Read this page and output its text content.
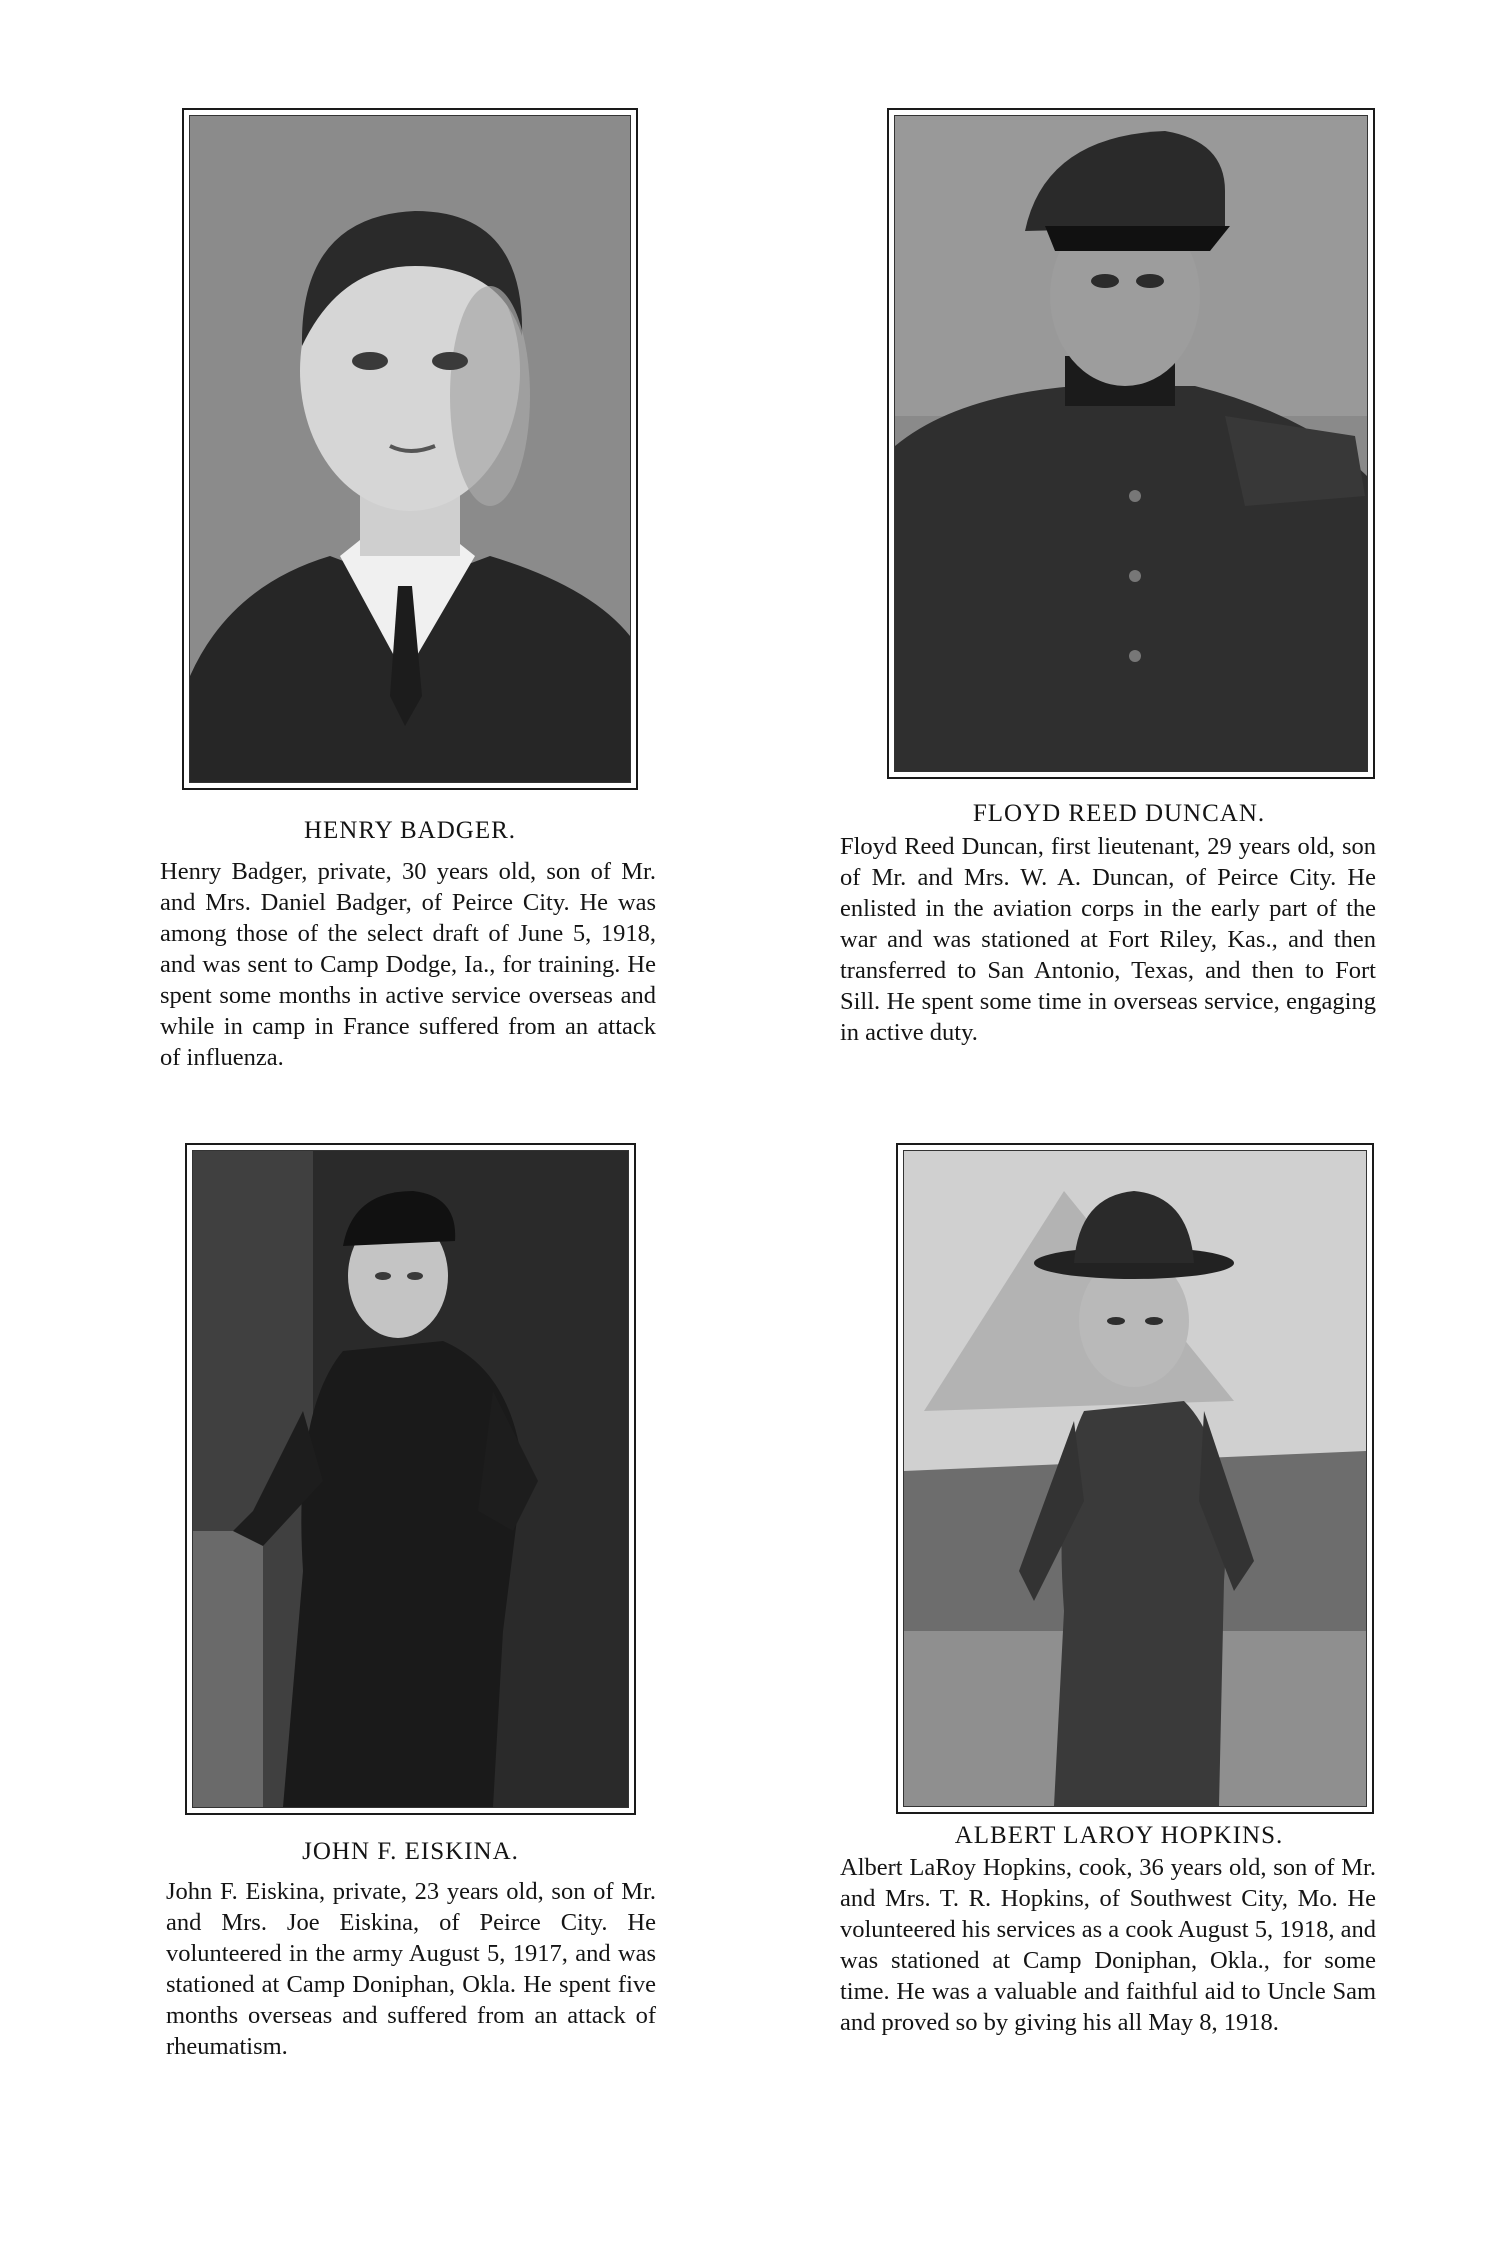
HENRY BADGER.
FLOYD REED DUNCAN.
JOHN F. EISKINA.
ALBERT LAROY HOPKINS.
Henry Badger, private, 30 years old, son of Mr. and Mrs. Daniel Badger, of Peirce City. He was among those of the select draft of June 5, 1918, and was sent to Camp Dodge, Ia., for training. He spent some months in active service overseas and while in camp in France suffered from an attack of influenza.
Floyd Reed Duncan, first lieutenant, 29 years old, son of Mr. and Mrs. W. A. Duncan, of Peirce City. He enlisted in the aviation corps in the early part of the war and was stationed at Fort Riley, Kas., and then transferred to San Antonio, Texas, and then to Fort Sill. He spent some time in overseas service, engaging in active duty.
John F. Eiskina, private, 23 years old, son of Mr. and Mrs. Joe Eiskina, of Peirce City. He volunteered in the army August 5, 1917, and was stationed at Camp Doniphan, Okla. He spent five months overseas and suffered from an attack of rheumatism.
Albert LaRoy Hopkins, cook, 36 years old, son of Mr. and Mrs. T. R. Hopkins, of Southwest City, Mo. He volunteered his services as a cook August 5, 1918, and was stationed at Camp Doniphan, Okla., for some time. He was a valuable and faithful aid to Uncle Sam and proved so by giving his all May 8, 1918.
